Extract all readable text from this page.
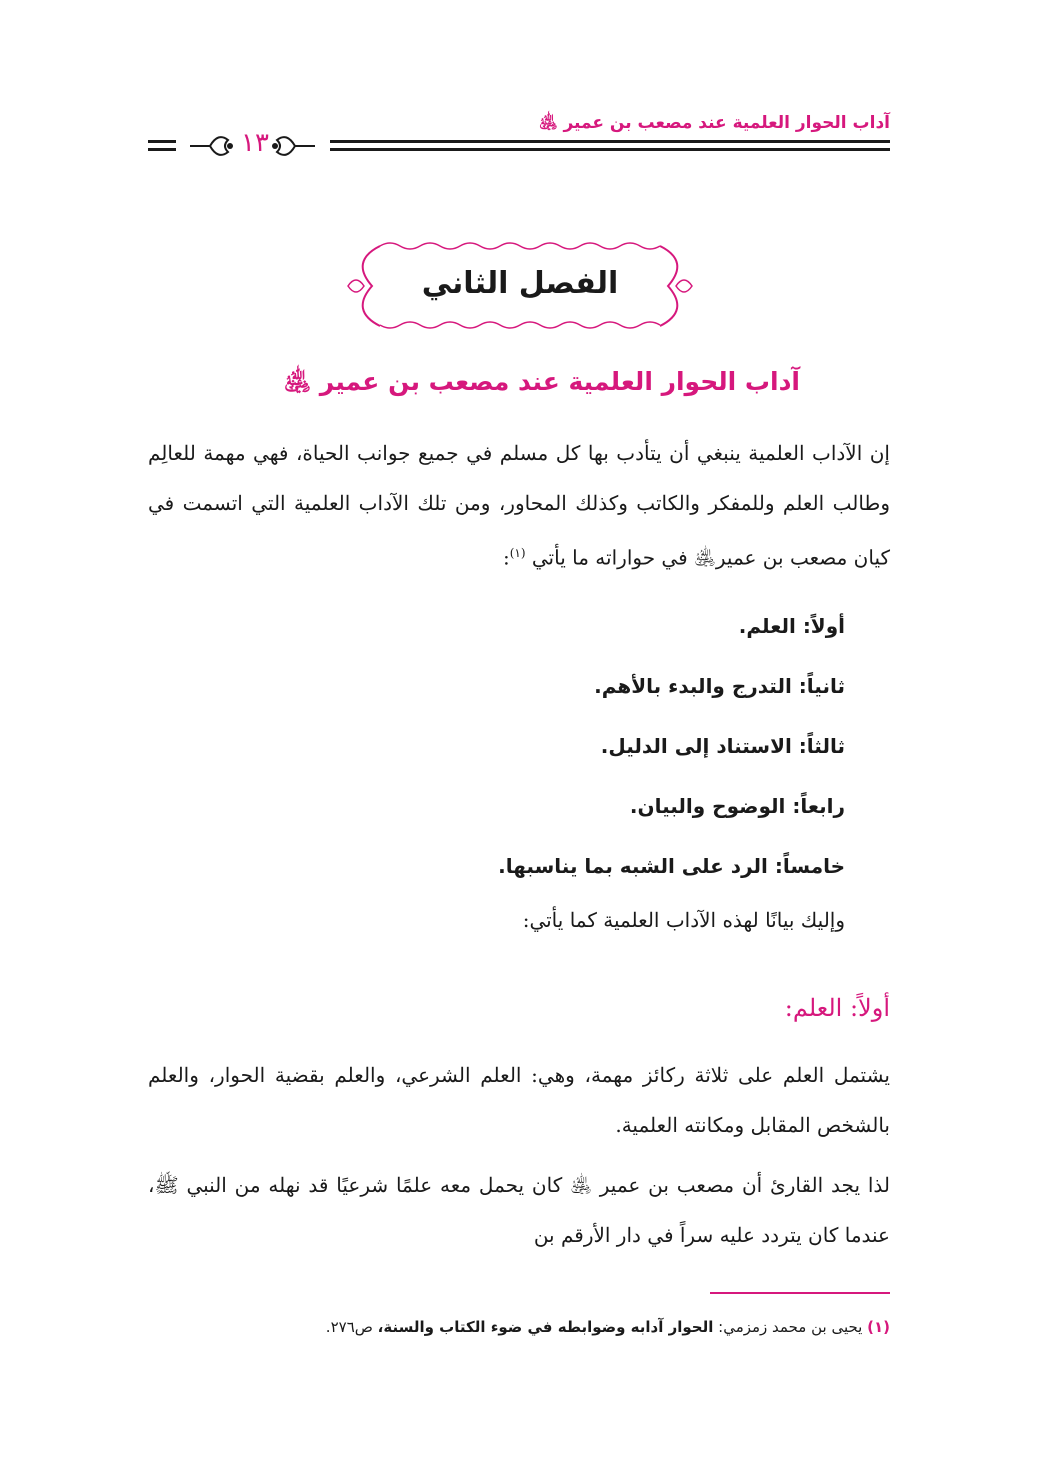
آداب الحوار العلمية عند مصعب بن عمير ﵁
١٣
الفصل الثاني
آداب الحوار العلمية عند مصعب بن عمير ﵁
إن الآداب العلمية ينبغي أن يتأدب بها كل مسلم في جميع جوانب الحياة، فهي مهمة للعالِم وطالب العلم وللمفكر والكاتب وكذلك المحاور، ومن تلك الآداب العلمية التي اتسمت في كيان مصعب بن عمير﵁ في حواراته ما يأتي $^{(١)}$:
أولاً: العلم.
ثانياً: التدرج والبدء بالأهم.
ثالثاً: الاستناد إلى الدليل.
رابعاً: الوضوح والبيان.
خامساً: الرد على الشبه بما يناسبها.
وإليك بيانًا لهذه الآداب العلمية كما يأتي:
أولاً: العلم:
يشتمل العلم على ثلاثة ركائز مهمة، وهي: العلم الشرعي، والعلم بقضية الحوار، والعلم بالشخص المقابل ومكانته العلمية.
لذا يجد القارئ أن مصعب بن عمير ﵁ كان يحمل معه علمًا شرعيًا قد نهله من النبي ﷺ، عندما كان يتردد عليه سراً في دار الأرقم بن
(١) يحيى بن محمد زمزمي: الحوار آدابه وضوابطه في ضوء الكتاب والسنة، ص٢٧٦.
